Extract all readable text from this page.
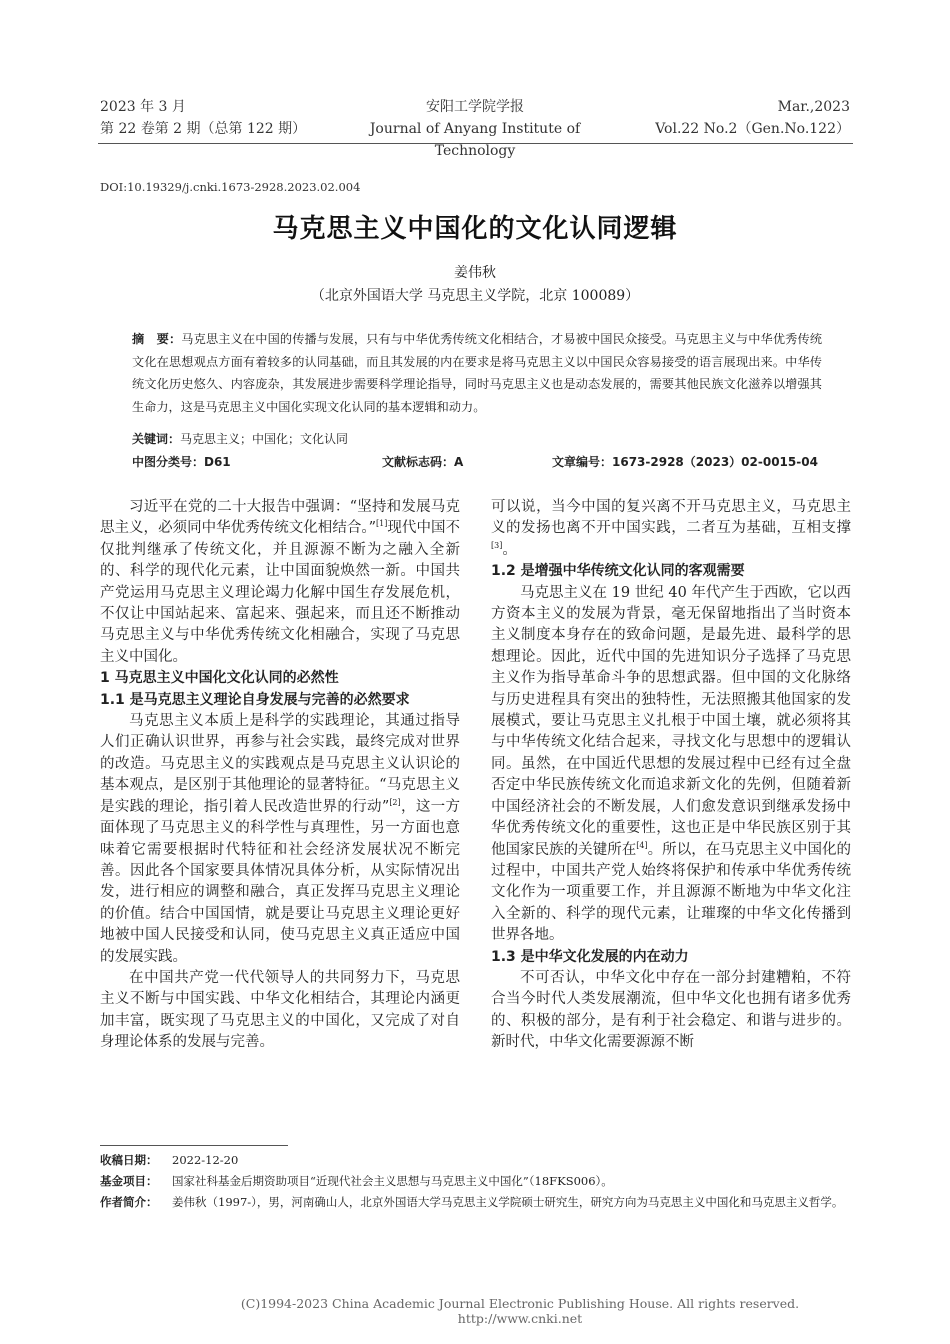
2023 年 3 月
第 22 卷第 2 期（总第 122 期）
安阳工学院学报
Journal of Anyang Institute of Technology
Mar.,2023
Vol.22 No.2（Gen.No.122）
DOI:10.19329/j.cnki.1673-2928.2023.02.004
马克思主义中国化的文化认同逻辑
姜伟秋
（北京外国语大学 马克思主义学院，北京 100089）
摘　要：马克思主义在中国的传播与发展，只有与中华优秀传统文化相结合，才易被中国民众接受。马克思主义与中华优秀传统文化在思想观点方面有着较多的认同基础，而且其发展的内在要求是将马克思主义以中国民众容易接受的语言展现出来。中华传统文化历史悠久、内容庞杂，其发展进步需要科学理论指导，同时马克思主义也是动态发展的，需要其他民族文化滋养以增强其生命力，这是马克思主义中国化实现文化认同的基本逻辑和动力。
关键词：马克思主义；中国化；文化认同
中图分类号：D61	文献标志码：A	文章编号：1673-2928（2023）02-0015-04

习近平在党的二十大报告中强调：“坚持和发展马克思主义，必须同中华优秀传统文化相结合。”[1]现代中国不仅批判继承了传统文化，并且源源不断为之融入全新的、科学的现代化元素，让中国面貌焕然一新。中国共产党运用马克思主义理论竭力化解中国生存发展危机，不仅让中国站起来、富起来、强起来，而且还不断推动马克思主义与中华优秀传统文化相融合，实现了马克思主义中国化。

1 马克思主义中国化文化认同的必然性
1.1 是马克思主义理论自身发展与完善的必然要求

马克思主义本质上是科学的实践理论，其通过指导人们正确认识世界，再参与社会实践，最终完成对世界的改造。马克思主义的实践观点是马克思主义认识论的基本观点，是区别于其他理论的显著特征。“马克思主义是实践的理论，指引着人民改造世界的行动”[2]，这一方面体现了马克思主义的科学性与真理性，另一方面也意味着它需要根据时代特征和社会经济发展状况不断完善。因此各个国家要具体情况具体分析，从实际情况出发，进行相应的调整和融合，真正发挥马克思主义理论的价值。结合中国国情，就是要让马克思主义理论更好地被中国人民接受和认同，使马克思主义真正适应中国的发展实践。

在中国共产党一代代领导人的共同努力下，马克思主义不断与中国实践、中华文化相结合，其理论内涵更加丰富，既实现了马克思主义的中国化，又完成了对自身理论体系的发展与完善。

可以说，当今中国的复兴离不开马克思主义，马克思主义的发扬也离不开中国实践，二者互为基础，互相支撑[3]。

1.2 是增强中华传统文化认同的客观需要

马克思主义在 19 世纪 40 年代产生于西欧，它以西方资本主义的发展为背景，毫无保留地指出了当时资本主义制度本身存在的致命问题，是最先进、最科学的思想理论。因此，近代中国的先进知识分子选择了马克思主义作为指导革命斗争的思想武器。但中国的文化脉络与历史进程具有突出的独特性，无法照搬其他国家的发展模式，要让马克思主义扎根于中国土壤，就必须将其与中华传统文化结合起来，寻找文化与思想中的逻辑认同。虽然，在中国近代思想的发展过程中已经有过全盘否定中华民族传统文化而追求新文化的先例，但随着新中国经济社会的不断发展，人们愈发意识到继承发扬中华优秀传统文化的重要性，这也正是中华民族区别于其他国家民族的关键所在[4]。所以，在马克思主义中国化的过程中，中国共产党人始终将保护和传承中华优秀传统文化作为一项重要工作，并且源源不断地为中华文化注入全新的、科学的现代元素，让璀璨的中华文化传播到世界各地。

1.3 是中华文化发展的内在动力

不可否认，中华文化中存在一部分封建糟粕，不符合当今时代人类发展潮流，但中华文化也拥有诸多优秀的、积极的部分，是有利于社会稳定、和谐与进步的。新时代，中华文化需要源源不断

收稿日期： 2022-12-20
基金项目： 国家社科基金后期资助项目“近现代社会主义思想与马克思主义中国化”（18FKS006）。
作者简介： 姜伟秋（1997-），男，河南确山人，北京外国语大学马克思主义学院硕士研究生，研究方向为马克思主义中国化和马克思主义哲学。
(C)1994-2023 China Academic Journal Electronic Publishing House. All rights reserved. http://www.cnki.net
